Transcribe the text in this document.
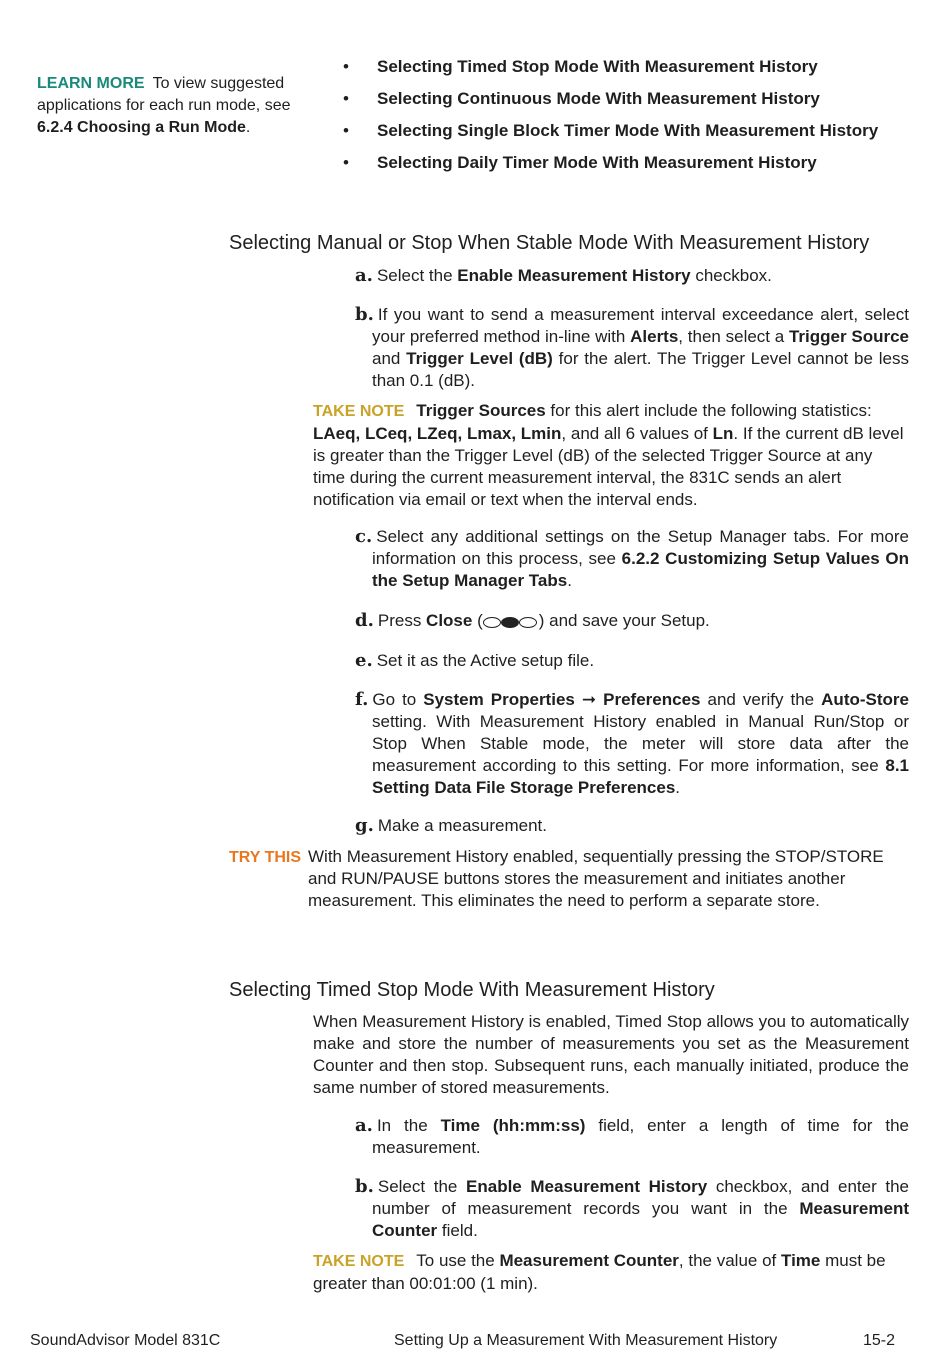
LEARN MORE To view suggested applications for each run mode, see 6.2.4 Choosing a Run Mode.
• Selecting Timed Stop Mode With Measurement History
• Selecting Continuous Mode With Measurement History
• Selecting Single Block Timer Mode With Measurement History
• Selecting Daily Timer Mode With Measurement History
Selecting Manual or Stop When Stable Mode With Measurement History
a. Select the Enable Measurement History checkbox.
b. If you want to send a measurement interval exceedance alert, select your preferred method in-line with Alerts, then select a Trigger Source and Trigger Level (dB) for the alert. The Trigger Level cannot be less than 0.1 (dB).
TAKE NOTE Trigger Sources for this alert include the following statistics: LAeq, LCeq, LZeq, Lmax, Lmin, and all 6 values of Ln. If the current dB level is greater than the Trigger Level (dB) of the selected Trigger Source at any time during the current measurement interval, the 831C sends an alert notification via email or text when the interval ends.
c. Select any additional settings on the Setup Manager tabs. For more information on this process, see 6.2.2 Customizing Setup Values On the Setup Manager Tabs.
d. Press Close (	) and save your Setup.
e. Set it as the Active setup file.
f. Go to System Properties ➞ Preferences and verify the Auto-Store setting. With Measurement History enabled in Manual Run/Stop or Stop When Stable mode, the meter will store data after the measurement according to this setting. For more information, see 8.1 Setting Data File Storage Preferences.
g. Make a measurement.
TRY THIS With Measurement History enabled, sequentially pressing the STOP/STORE and RUN/PAUSE buttons stores the measurement and initiates another measurement. This eliminates the need to perform a separate store.
Selecting Timed Stop Mode With Measurement History
When Measurement History is enabled, Timed Stop allows you to automatically make and store the number of measurements you set as the Measurement Counter and then stop. Subsequent runs, each manually initiated, produce the same number of stored measurements.
a. In the Time (hh:mm:ss) field, enter a length of time for the measurement.
b. Select the Enable Measurement History checkbox, and enter the number of measurement records you want in the Measurement Counter field.
TAKE NOTE To use the Measurement Counter, the value of Time must be greater than 00:01:00 (1 min).
SoundAdvisor Model 831C	Setting Up a Measurement With Measurement History	15-2
